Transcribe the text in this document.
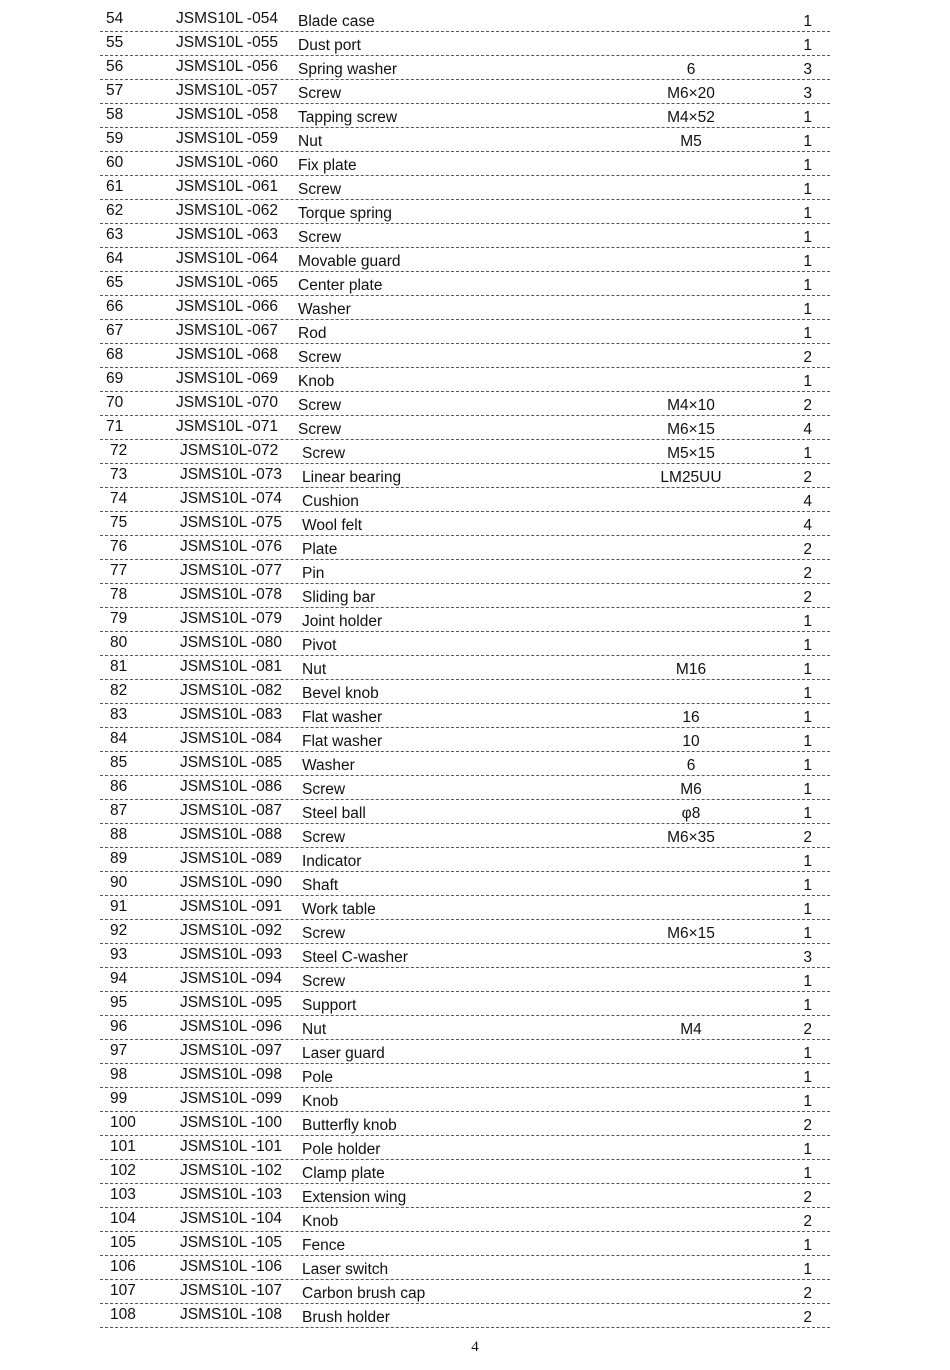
54	JSMS10L -054 Blade case	1
55	JSMS10L -055 Dust port	1
56	JSMS10L -056 Spring washer	6	3
57	JSMS10L -057 Screw	M6×20	3
58	JSMS10L -058 Tapping screw	M4×52	1
59	JSMS10L -059 Nut	M5	1
60	JSMS10L -060 Fix plate	1
61	JSMS10L -061 Screw	1
62	JSMS10L -062 Torque spring	1
63	JSMS10L -063 Screw	1
64	JSMS10L -064 Movable guard	1
65	JSMS10L -065 Center plate	1
66	JSMS10L -066 Washer	1
67	JSMS10L -067 Rod	1
68	JSMS10L -068 Screw	2
69	JSMS10L -069 Knob	1
70	JSMS10L -070 Screw	M4×10	2
71	JSMS10L -071 Screw	M6×15	4
72	JSMS10L-072 Screw	M5×15	1
73	JSMS10L -073 Linear bearing	LM25UU	2
74	JSMS10L -074 Cushion	4
75	JSMS10L -075 Wool felt	4
76	JSMS10L -076 Plate	2
77	JSMS10L -077 Pin	2
78	JSMS10L -078 Sliding bar	2
79	JSMS10L -079 Joint holder	1
80	JSMS10L -080 Pivot	1
81	JSMS10L -081 Nut	M16	1
82	JSMS10L -082 Bevel knob	1
83	JSMS10L -083 Flat washer	16	1
84	JSMS10L -084 Flat washer	10	1
85	JSMS10L -085 Washer	6	1
86	JSMS10L -086 Screw	M6	1
87	JSMS10L -087 Steel ball	φ8	1
88	JSMS10L -088 Screw	M6×35	2
89	JSMS10L -089 Indicator	1
90	JSMS10L -090 Shaft	1
91	JSMS10L -091 Work table	1
92	JSMS10L -092 Screw	M6×15	1
93	JSMS10L -093 Steel C-washer	3
94	JSMS10L -094 Screw	1
95	JSMS10L -095 Support	1
96	JSMS10L -096 Nut	M4	2
97	JSMS10L -097 Laser guard	1
98	JSMS10L -098 Pole	1
99	JSMS10L -099 Knob	1
100	JSMS10L -100 Butterfly knob	2
101	JSMS10L -101 Pole holder	1
102	JSMS10L -102 Clamp plate	1
103	JSMS10L -103 Extension wing	2
104	JSMS10L -104 Knob	2
105	JSMS10L -105 Fence	1
106	JSMS10L -106 Laser switch	1
107	JSMS10L -107 Carbon brush cap	2
108	JSMS10L -108 Brush holder	2
4
